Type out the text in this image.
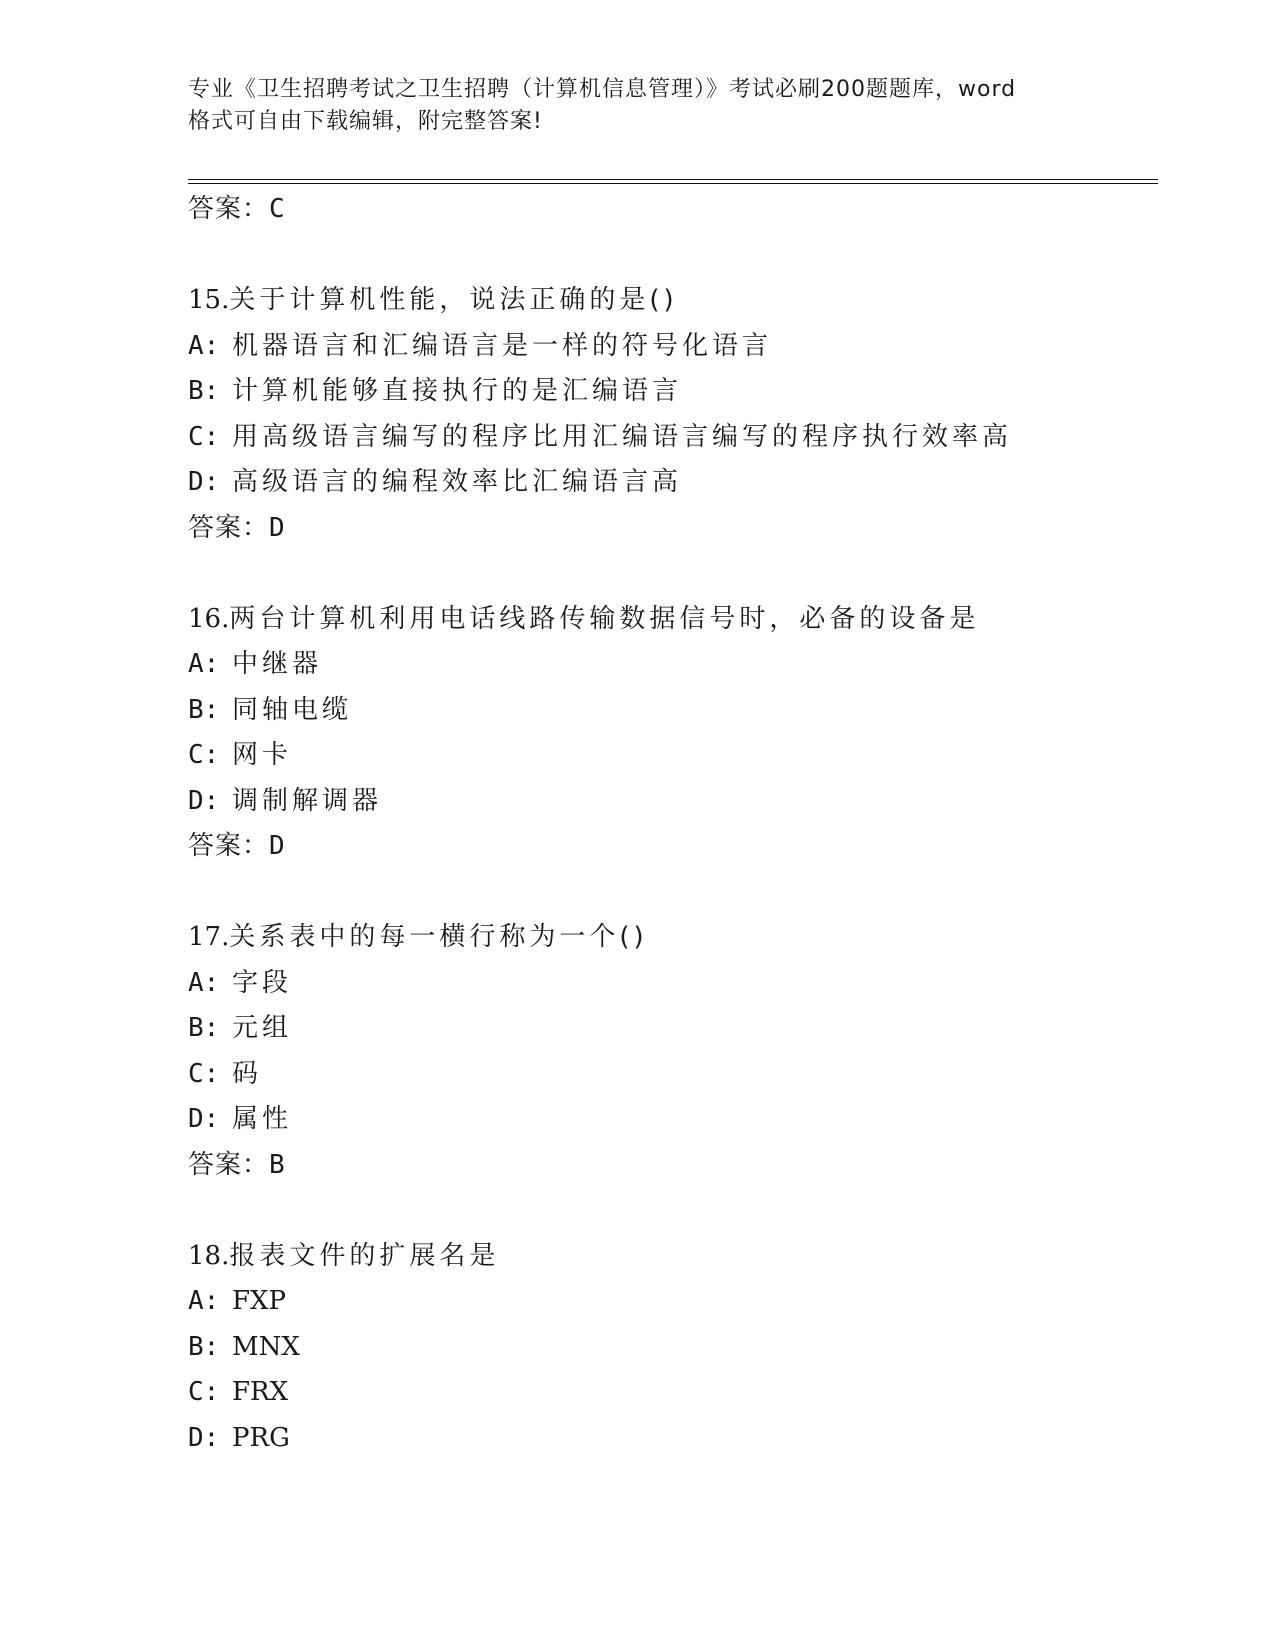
专业《卫生招聘考试之卫生招聘（计算机信息管理）》考试必刷200题题库，word
格式可自由下载编辑，附完整答案!
答案：C
15.关于计算机性能，说法正确的是()
A: 机器语言和汇编语言是一样的符号化语言
B: 计算机能够直接执行的是汇编语言
C: 用高级语言编写的程序比用汇编语言编写的程序执行效率高
D: 高级语言的编程效率比汇编语言高
答案：D
16.两台计算机利用电话线路传输数据信号时，必备的设备是
A: 中继器
B: 同轴电缆
C: 网卡
D: 调制解调器
答案：D
17.关系表中的每一横行称为一个()
A: 字段
B: 元组
C: 码
D: 属性
答案：B
18.报表文件的扩展名是
A: FXP
B: MNX
C: FRX
D: PRG
